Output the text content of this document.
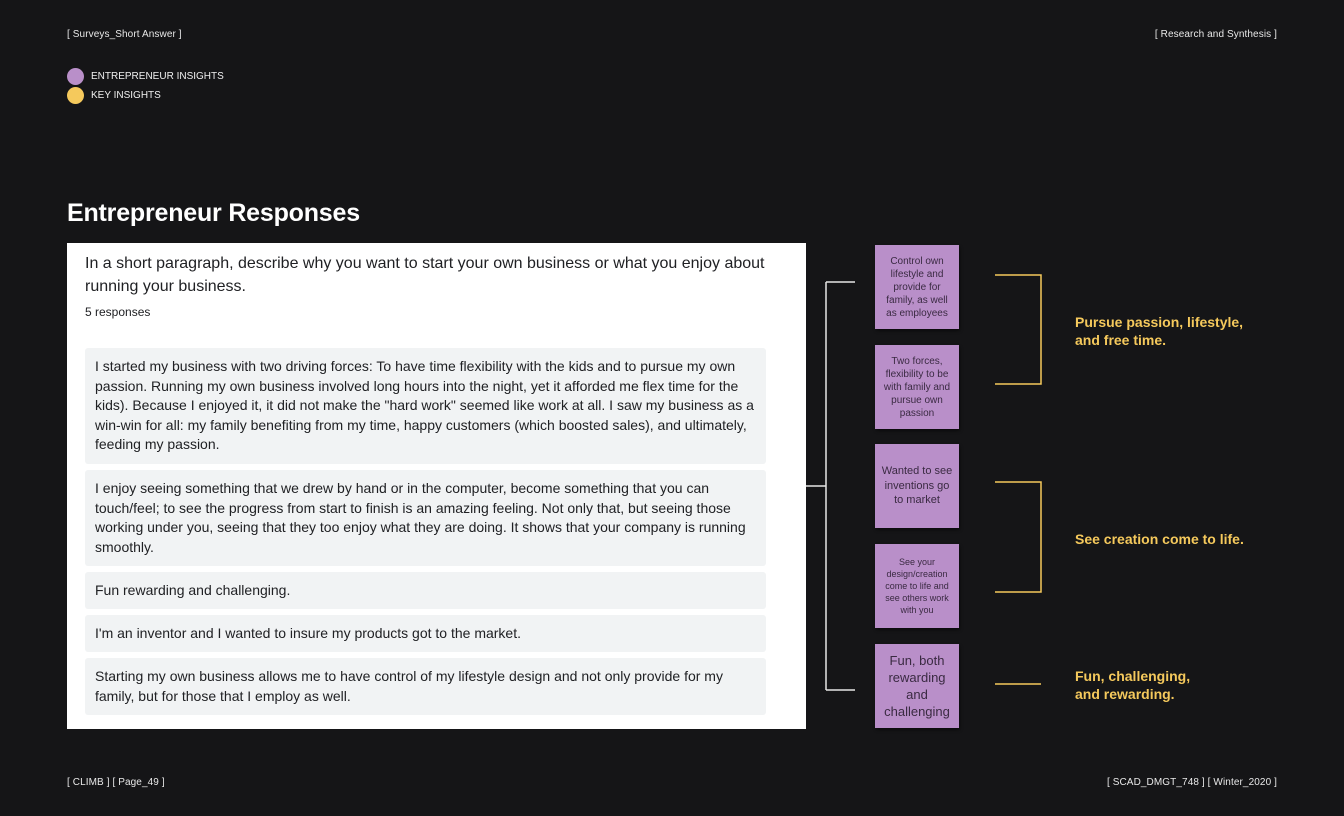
[ Surveys_Short Answer ]	[ Research and Synthesis ]
ENTREPRENEUR INSIGHTS
KEY INSIGHTS
Entrepreneur Responses
In a short paragraph, describe why you want to start your own business or what you enjoy about running your business.
5 responses
I started my business with two driving forces: To have time flexibility with the kids and to pursue my own passion. Running my own business involved long hours into the night, yet it afforded me flex time for the kids). Because I enjoyed it, it did not make the "hard work" seemed like work at all. I saw my business as a win-win for all: my family benefiting from my time, happy customers (which boosted sales), and ultimately, feeding my passion.
I enjoy seeing something that we drew by hand or in the computer, become something that you can touch/feel; to see the progress from start to finish is an amazing feeling. Not only that, but seeing those working under you, seeing that they too enjoy what they are doing. It shows that your company is running smoothly.
Fun rewarding and challenging.
I'm an inventor and I wanted to insure my products got to the market.
Starting my own business allows me to have control of my lifestyle design and not only provide for my family, but for those that I employ as well.
Control own lifestyle and provide for family, as well as employees
Two forces, flexibility to be with family and pursue own passion
Wanted to see inventions go to market
See your design/creation come to life and see others work with you
Fun, both rewarding and challenging
Pursue passion, lifestyle, and free time.
See creation come to life.
Fun, challenging, and rewarding.
[ CLIMB ] [ Page_49 ]	[ SCAD_DMGT_748 ] [ Winter_2020 ]
